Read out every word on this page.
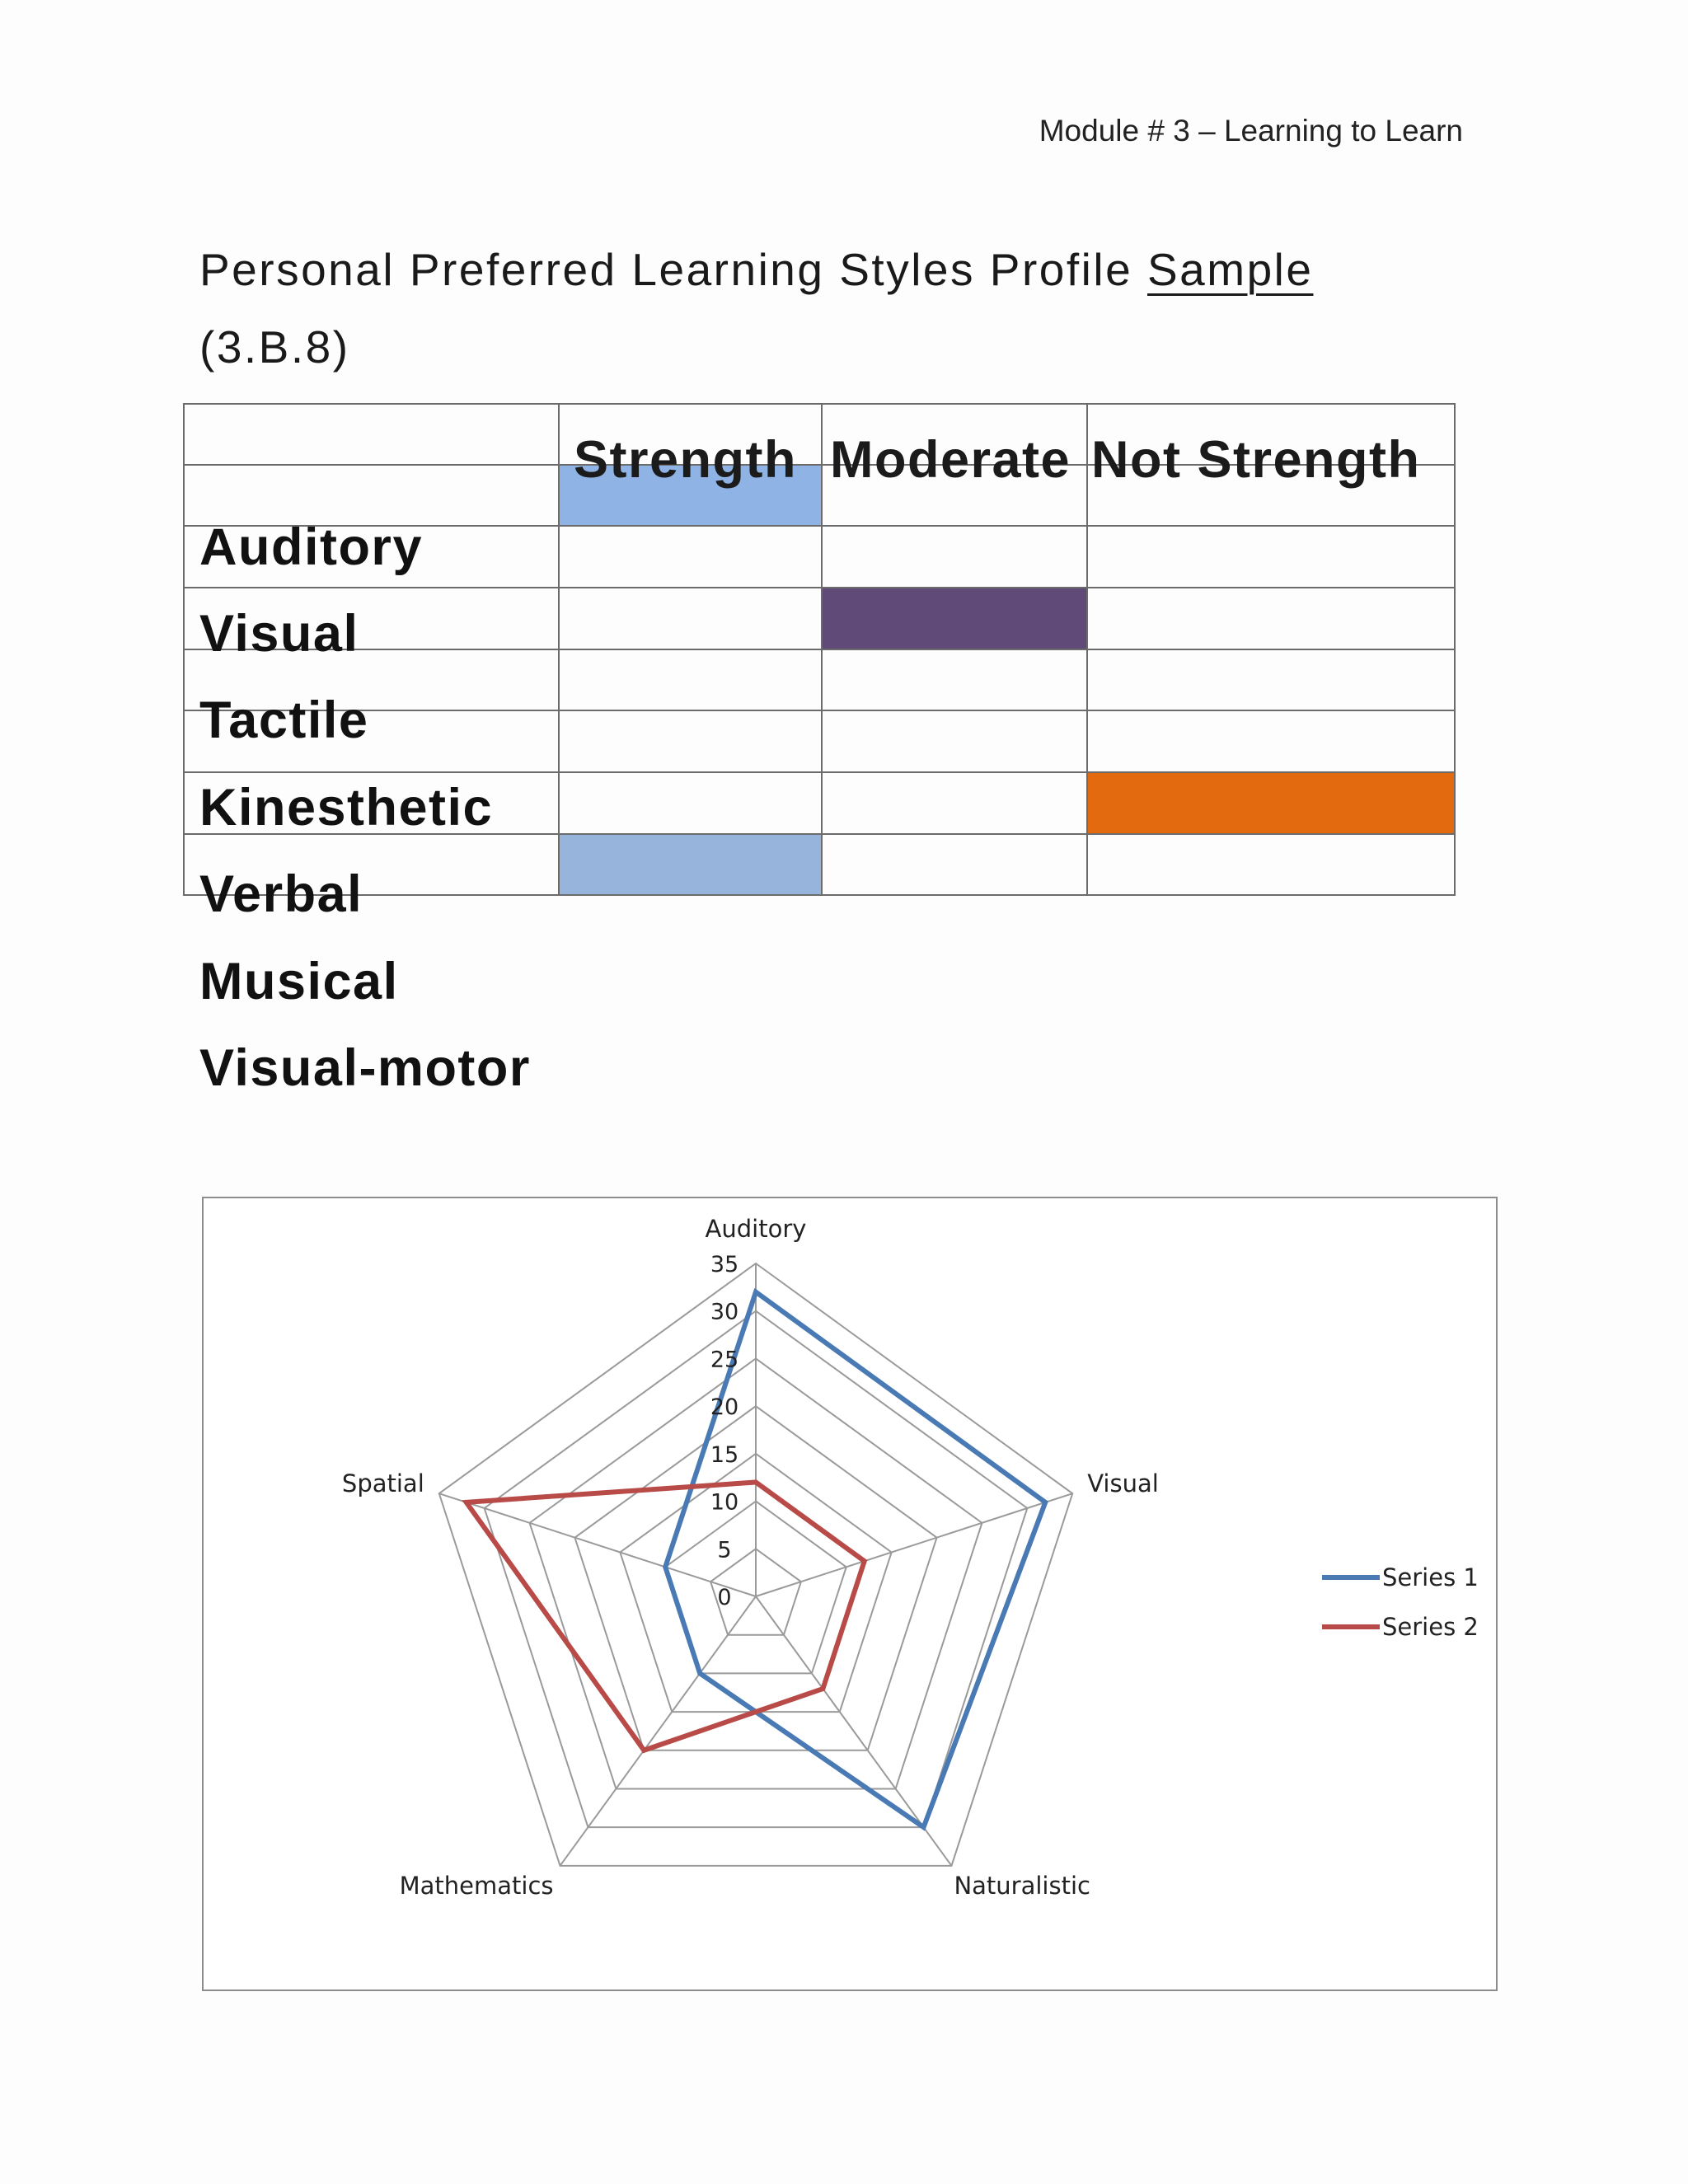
Module # 3 – Learning to Learn
Personal Preferred Learning Styles Profile Sample
(3.B.8)
Strength Moderate Not Strength
Auditory
Visual
Tactile
Kinesthetic
Verbal
Musical
Visual-motor
0
5
10
15
20
25
30
35
Auditory
Visual
Naturalistic
Mathematics
Spatial
Series 1
Series 2
